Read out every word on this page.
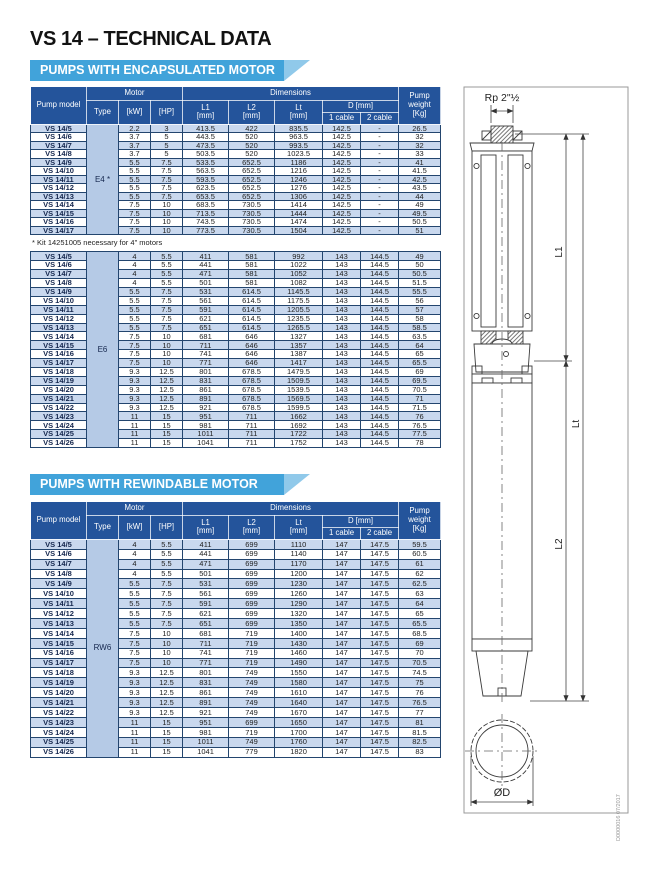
VS 14 – TECHNICAL DATA
PUMPS WITH ENCAPSULATED MOTOR
Pump model	Motor			Dimensions					Pump weight
[Kg]

Type	[kW]	[HP]	L1
[mm]

L2
[mm]

Lt
[mm]
	D [mm]
							1 cable	2 cable	
VS 14/5	E4 *	2.2	3	413.5	422	835.5	142.5	-	26.5
VS 14/6		3.7	5	443.5	520	963.5	142.5	-	32
VS 14/7		3.7	5	473.5	520	993.5	142.5	-	32
VS 14/8		3.7	5	503.5	520	1023.5	142.5	-	33
VS 14/9		5.5	7.5	533.5	652.5	1186	142.5	-	41
VS 14/10		5.5	7.5	563.5	652.5	1216	142.5	-	41.5
VS 14/11		5.5	7.5	593.5	652.5	1246	142.5	-	42.5
VS 14/12		5.5	7.5	623.5	652.5	1276	142.5	-	43.5
VS 14/13		5.5	7.5	653.5	652.5	1306	142.5	-	44
VS 14/14		7.5	10	683.5	730.5	1414	142.5	-	49
VS 14/15		7.5	10	713.5	730.5	1444	142.5	-	49.5
VS 14/16		7.5	10	743.5	730.5	1474	142.5	-	50.5
VS 14/17		7.5	10	773.5	730.5	1504	142.5	-	51
* Kit 14251005 necessary for 4" motors
VS 14/5	E6	4	5.5	411	581	992	143	144.5	49
VS 14/6		4	5.5	441	581	1022	143	144.5	50
VS 14/7		4	5.5	471	581	1052	143	144.5	50.5
VS 14/8		4	5.5	501	581	1082	143	144.5	51.5
VS 14/9		5.5	7.5	531	614.5	1145.5	143	144.5	55.5
VS 14/10		5.5	7.5	561	614.5	1175.5	143	144.5	56
VS 14/11		5.5	7.5	591	614.5	1205.5	143	144.5	57
VS 14/12		5.5	7.5	621	614.5	1235.5	143	144.5	58
VS 14/13		5.5	7.5	651	614.5	1265.5	143	144.5	58.5
VS 14/14		7.5	10	681	646	1327	143	144.5	63.5
VS 14/15		7.5	10	711	646	1357	143	144.5	64
VS 14/16		7.5	10	741	646	1387	143	144.5	65
VS 14/17		7.5	10	771	646	1417	143	144.5	65.5
VS 14/18		9.3	12.5	801	678.5	1479.5	143	144.5	69
VS 14/19		9.3	12.5	831	678.5	1509.5	143	144.5	69.5
VS 14/20		9.3	12.5	861	678.5	1539.5	143	144.5	70.5
VS 14/21		9.3	12.5	891	678.5	1569.5	143	144.5	71
VS 14/22		9.3	12.5	921	678.5	1599.5	143	144.5	71.5
VS 14/23		11	15	951	711	1662	143	144.5	76
VS 14/24		11	15	981	711	1692	143	144.5	76.5
VS 14/25		11	15	1011	711	1722	143	144.5	77.5
VS 14/26		11	15	1041	711	1752	143	144.5	78
PUMPS WITH REWINDABLE MOTOR
Pump model	Motor			Dimensions					Pump weight
[Kg]

Type	[kW]	[HP]	L1
[mm]

L2
[mm]

Lt
[mm]
	D [mm]
							1 cable	2 cable	
VS 14/5	RW6	4	5.5	411	699	1110	147	147.5	59.5
VS 14/6		4	5.5	441	699	1140	147	147.5	60.5
VS 14/7		4	5.5	471	699	1170	147	147.5	61
VS 14/8		4	5.5	501	699	1200	147	147.5	62
VS 14/9		5.5	7.5	531	699	1230	147	147.5	62.5
VS 14/10		5.5	7.5	561	699	1260	147	147.5	63
VS 14/11		5.5	7.5	591	699	1290	147	147.5	64
VS 14/12		5.5	7.5	621	699	1320	147	147.5	65
VS 14/13		5.5	7.5	651	699	1350	147	147.5	65.5
VS 14/14		7.5	10	681	719	1400	147	147.5	68.5
VS 14/15		7.5	10	711	719	1430	147	147.5	69
VS 14/16		7.5	10	741	719	1460	147	147.5	70
VS 14/17		7.5	10	771	719	1490	147	147.5	70.5
VS 14/18		9.3	12.5	801	749	1550	147	147.5	74.5
VS 14/19		9.3	12.5	831	749	1580	147	147.5	75
VS 14/20		9.3	12.5	861	749	1610	147	147.5	76
VS 14/21		9.3	12.5	891	749	1640	147	147.5	76.5
VS 14/22		9.3	12.5	921	749	1670	147	147.5	77
VS 14/23		11	15	951	699	1650	147	147.5	81
VS 14/24		11	15	981	719	1700	147	147.5	81.5
VS 14/25		11	15	1011	749	1760	147	147.5	82.5
VS 14/26		11	15	1041	779	1820	147	147.5	83
Rp 2"½
ØD
L1
L2
Lt
D0000016 07/2017
